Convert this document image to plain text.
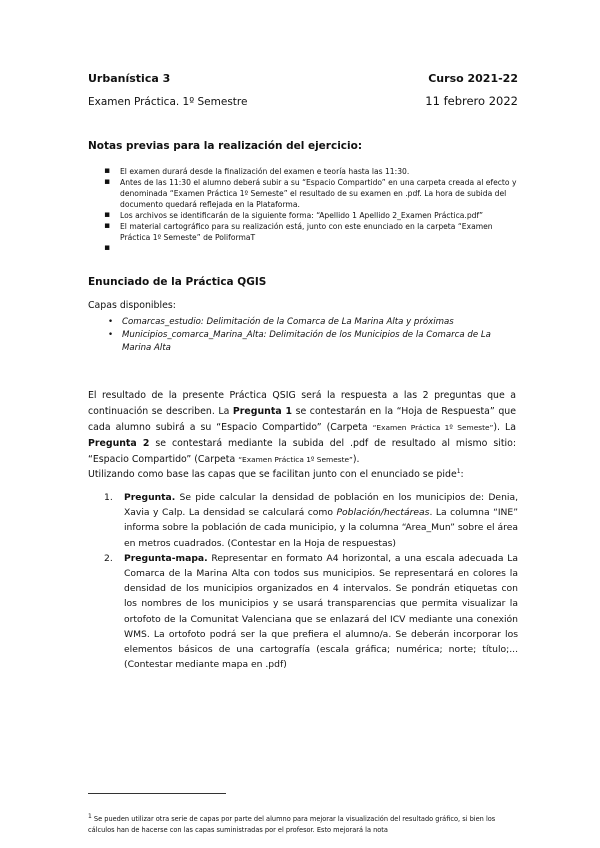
Urbanística 3	Curso 2021-22
Examen Práctica. 1º Semestre	11 febrero 2022
Notas previas para la realización del ejercicio:
▪ El examen durará desde la finalización del examen e teoría hasta las 11:30.
▪ Antes de las 11:30 el alumno deberá subir a su “Espacio Compartido” en una carpeta creada al efecto y denominada “Examen Práctica 1º Semeste” el resultado de su examen en .pdf. La hora de subida del documento quedará reflejada en la Plataforma.
▪ Los archivos se identificarán de la siguiente forma: “Apellido 1 Apellido 2_Examen Práctica.pdf”
▪ El material cartográfico para su realización está, junto con este enunciado en la carpeta “Examen Práctica 1º Semeste” de PoliformaT
▪
Enunciado de la Práctica QGIS
Capas disponibles:
• Comarcas_estudio: Delimitación de la Comarca de La Marina Alta y próximas
• Municipios_comarca_Marina_Alta: Delimitación de los Municipios de la Comarca de La Marina Alta

El resultado de la presente Práctica QSIG será la respuesta a las 2 preguntas que a continuación se describen. La Pregunta 1 se contestarán en la “Hoja de Respuesta” que cada alumno subirá a su “Espacio Compartido” (Carpeta “Examen Práctica 1º Semeste”). La Pregunta 2 se contestará mediante la subida del .pdf de resultado al mismo sitio: “Espacio Compartido” (Carpeta “Examen Práctica 1º Semeste”).

Utilizando como base las capas que se facilitan junto con el enunciado se pide$^1$:

1. Pregunta. Se pide calcular la densidad de población en los municipios de: Denia, Xavia y Calp. La densidad se calculará como Población/hectáreas. La columna “INE” informa sobre la población de cada municipio, y la columna “Area_Mun” sobre el área en metros cuadrados. (Contestar en la Hoja de respuestas)
2. Pregunta-mapa. Representar en formato A4 horizontal, a una escala adecuada La Comarca de la Marina Alta con todos sus municipios. Se representará en colores la densidad de los municipios organizados en 4 intervalos. Se pondrán etiquetas con los nombres de los municipios y se usará transparencias que permita visualizar la ortofoto de la Comunitat Valenciana que se enlazará del ICV mediante una conexión WMS. La ortofoto podrá ser la que prefiera el alumno/a. Se deberán incorporar los elementos básicos de una cartografía (escala gráfica; numérica; norte; título;...(Contestar mediante mapa en .pdf)

1 Se pueden utilizar otra serie de capas por parte del alumno para mejorar la visualización del resultado gráfico, si bien los cálculos han de hacerse con las capas suministradas por el profesor. Esto mejorará la nota
